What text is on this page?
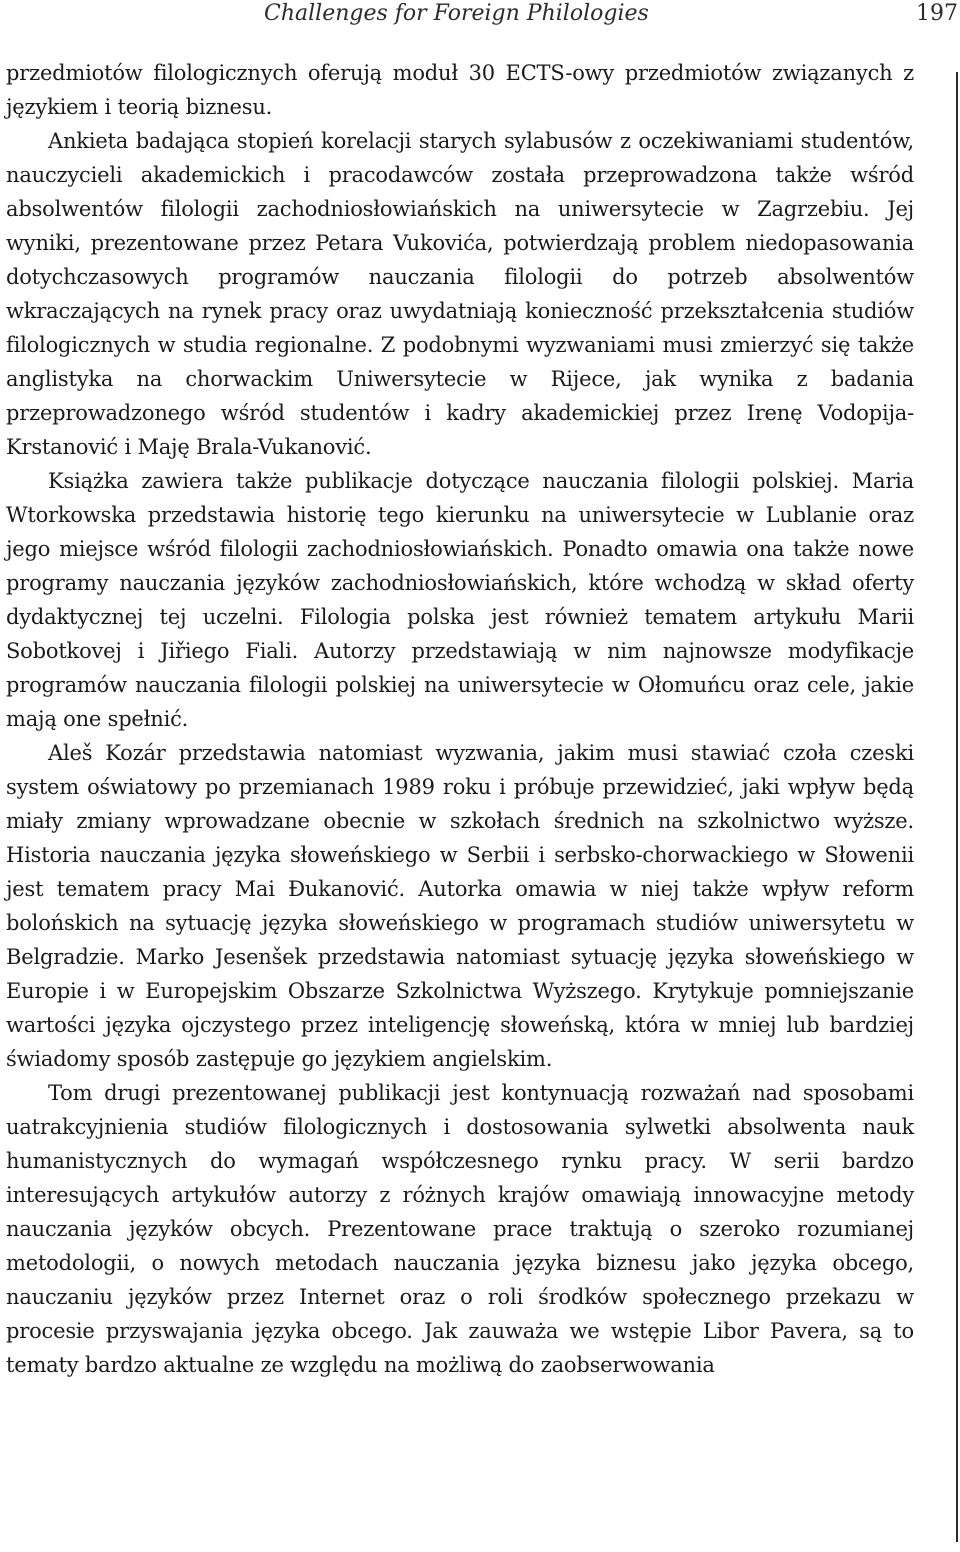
Challenges for Foreign Philologies	197

przedmiotów filologicznych oferują moduł 30 ECTS-owy przedmiotów związanych z językiem i teorią biznesu.

Ankieta badająca stopień korelacji starych sylabusów z oczekiwaniami studentów, nauczycieli akademickich i pracodawców została przeprowadzona także wśród absolwentów filologii zachodniosłowiańskich na uniwersytecie w Zagrzebiu. Jej wyniki, prezentowane przez Petara Vukovića, potwierdzają problem niedopasowania dotychczasowych programów nauczania filologii do potrzeb absolwentów wkraczających na rynek pracy oraz uwydatniają konieczność przekształcenia studiów filologicznych w studia regionalne. Z podobnymi wyzwaniami musi zmierzyć się także anglistyka na chorwackim Uniwersytecie w Rijece, jak wynika z badania przeprowadzonego wśród studentów i kadry akademickiej przez Irenę Vodopija-Krstanović i Maję Brala-Vukanović.

Książka zawiera także publikacje dotyczące nauczania filologii polskiej. Maria Wtorkowska przedstawia historię tego kierunku na uniwersytecie w Lublanie oraz jego miejsce wśród filologii zachodniosłowiańskich. Ponadto omawia ona także nowe programy nauczania języków zachodniosłowiańskich, które wchodzą w skład oferty dydaktycznej tej uczelni. Filologia polska jest również tematem artykułu Marii Sobotkovej i Jiřiego Fiali. Autorzy przedstawiają w nim najnowsze modyfikacje programów nauczania filologii polskiej na uniwersytecie w Ołomuńcu oraz cele, jakie mają one spełnić.

Aleš Kozár przedstawia natomiast wyzwania, jakim musi stawiać czoła czeski system oświatowy po przemianach 1989 roku i próbuje przewidzieć, jaki wpływ będą miały zmiany wprowadzane obecnie w szkołach średnich na szkolnictwo wyższe. Historia nauczania języka słoweńskiego w Serbii i serbsko-chorwackiego w Słowenii jest tematem pracy Mai Đukanović. Autorka omawia w niej także wpływ reform bolońskich na sytuację języka słoweńskiego w programach studiów uniwersytetu w Belgradzie. Marko Jesenšek przedstawia natomiast sytuację języka słoweńskiego w Europie i w Europejskim Obszarze Szkolnictwa Wyższego. Krytykuje pomniejszanie wartości języka ojczystego przez inteligencję słoweńską, która w mniej lub bardziej świadomy sposób zastępuje go językiem angielskim.

Tom drugi prezentowanej publikacji jest kontynuacją rozważań nad sposobami uatrakcyjnienia studiów filologicznych i dostosowania sylwetki absolwenta nauk humanistycznych do wymagań współczesnego rynku pracy. W serii bardzo interesujących artykułów autorzy z różnych krajów omawiają innowacyjne metody nauczania języków obcych. Prezentowane prace traktują o szeroko rozumianej metodologii, o nowych metodach nauczania języka biznesu jako języka obcego, nauczaniu języków przez Internet oraz o roli środków społecznego przekazu w procesie przyswajania języka obcego. Jak zauważa we wstępie Libor Pavera, są to tematy bardzo aktualne ze względu na możliwą do zaobserwowania
